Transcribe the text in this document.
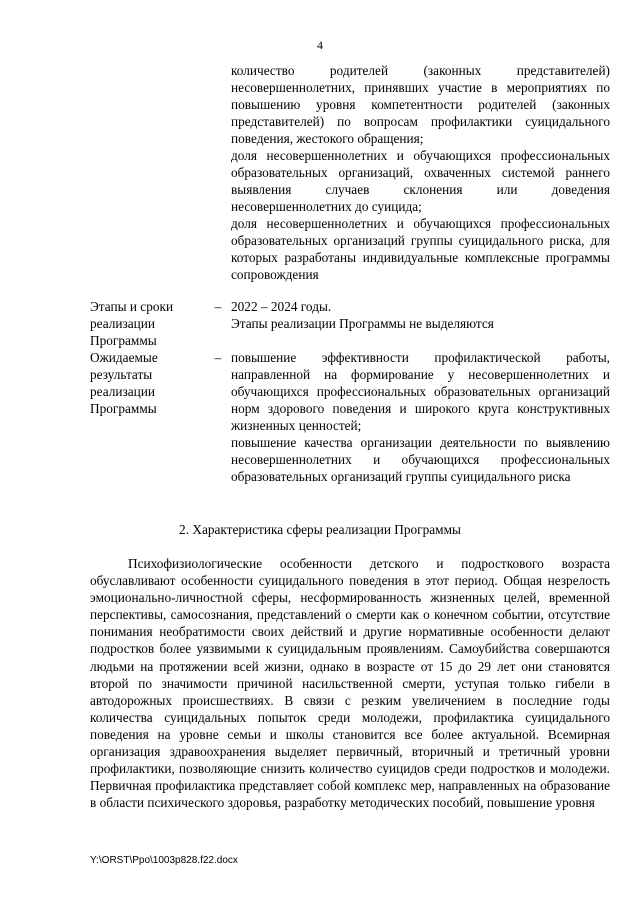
4

количество родителей (законных представителей) несовершеннолетних, принявших участие в мероприятиях по повышению уровня компетентности родителей (законных представителей) по вопросам профилактики суицидального поведения, жестокого обращения;

доля несовершеннолетних и обучающихся профессиональных образовательных организаций, охваченных системой раннего выявления случаев склонения или доведения несовершеннолетних до суицида;

доля несовершеннолетних и обучающихся профессиональных образовательных организаций группы суицидального риска, для которых разработаны индивидуальные комплексные программы сопровождения

Этапы и сроки реализации Программы
– 2022 – 2024 годы.

Этапы реализации Программы не выделяются

Ожидаемые результаты реализации Программы
– повышение эффективности профилактической работы, направленной на формирование у несовершеннолетних и обучающихся профессиональных образовательных организаций норм здорового поведения и широкого круга конструктивных жизненных ценностей;

повышение качества организации деятельности по выявлению несовершеннолетних и обучающихся профессиональных образовательных организаций группы суицидального риска

2. Характеристика сферы реализации Программы

Психофизиологические особенности детского и подросткового возраста обуславливают особенности суицидального поведения в этот период. Общая незрелость эмоционально-личностной сферы, несформированность жизненных целей, временной перспективы, самосознания, представлений о смерти как о конечном событии, отсутствие понимания необратимости своих действий и другие нормативные особенности делают подростков более уязвимыми к суицидальным проявлениям. Самоубийства совершаются людьми на протяжении всей жизни, однако в возрасте от 15 до 29 лет они становятся второй по значимости причиной насильственной смерти, уступая только гибели в автодорожных происшествиях. В связи с резким увеличением в последние годы количества суицидальных попыток среди молодежи, профилактика суицидального поведения на уровне семьи и школы становится все более актуальной. Всемирная организация здравоохранения выделяет первичный, вторичный и третичный уровни профилактики, позволяющие снизить количество суицидов среди подростков и молодежи. Первичная профилактика представляет собой комплекс мер, направленных на образование в области психического здоровья, разработку методических пособий, повышение уровня

Y:\ORST\Ppo\1003p828.f22.docx
